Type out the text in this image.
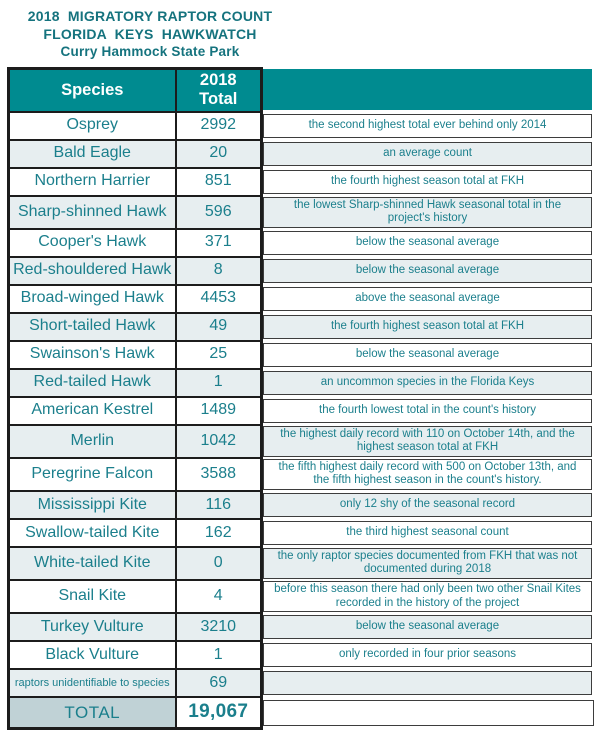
2018  MIGRATORY RAPTOR COUNT
FLORIDA  KEYS  HAWKWATCH
Curry Hammock State Park
Species	2018
Total	

Osprey	2992	the second highest total ever behind only 2014

Bald Eagle	20	an average count

Northern Harrier	851	the fourth highest season total at FKH

Sharp-shinned Hawk	596	the lowest Sharp-shinned Hawk seasonal total in the project's history

Cooper's Hawk	371	below the seasonal average

Red-shouldered Hawk	8	below the seasonal average

Broad-winged Hawk	4453	above the seasonal average

Short-tailed Hawk	49	the fourth highest season total at FKH

Swainson's Hawk	25	below the seasonal average

Red-tailed Hawk	1	an uncommon species in the Florida Keys

American Kestrel	1489	the fourth lowest total in the count's history

Merlin	1042	the highest daily record with 110 on October 14th, and the highest season total at FKH

Peregrine Falcon	3588	the fifth highest daily record with 500 on October 13th, and the fifth highest season in the count's history.

Mississippi Kite	116	only 12 shy of the seasonal record

Swallow-tailed Kite	162	the third highest seasonal count

White-tailed Kite	0	the only raptor species documented from FKH that was not documented during 2018

Snail Kite	4	before this season there had only been two other Snail Kites recorded in the history of the project

Turkey Vulture	3210	below the seasonal average

Black Vulture	1	only recorded in four prior seasons

raptors unidentifiable to species	69	

TOTAL	19,067	
